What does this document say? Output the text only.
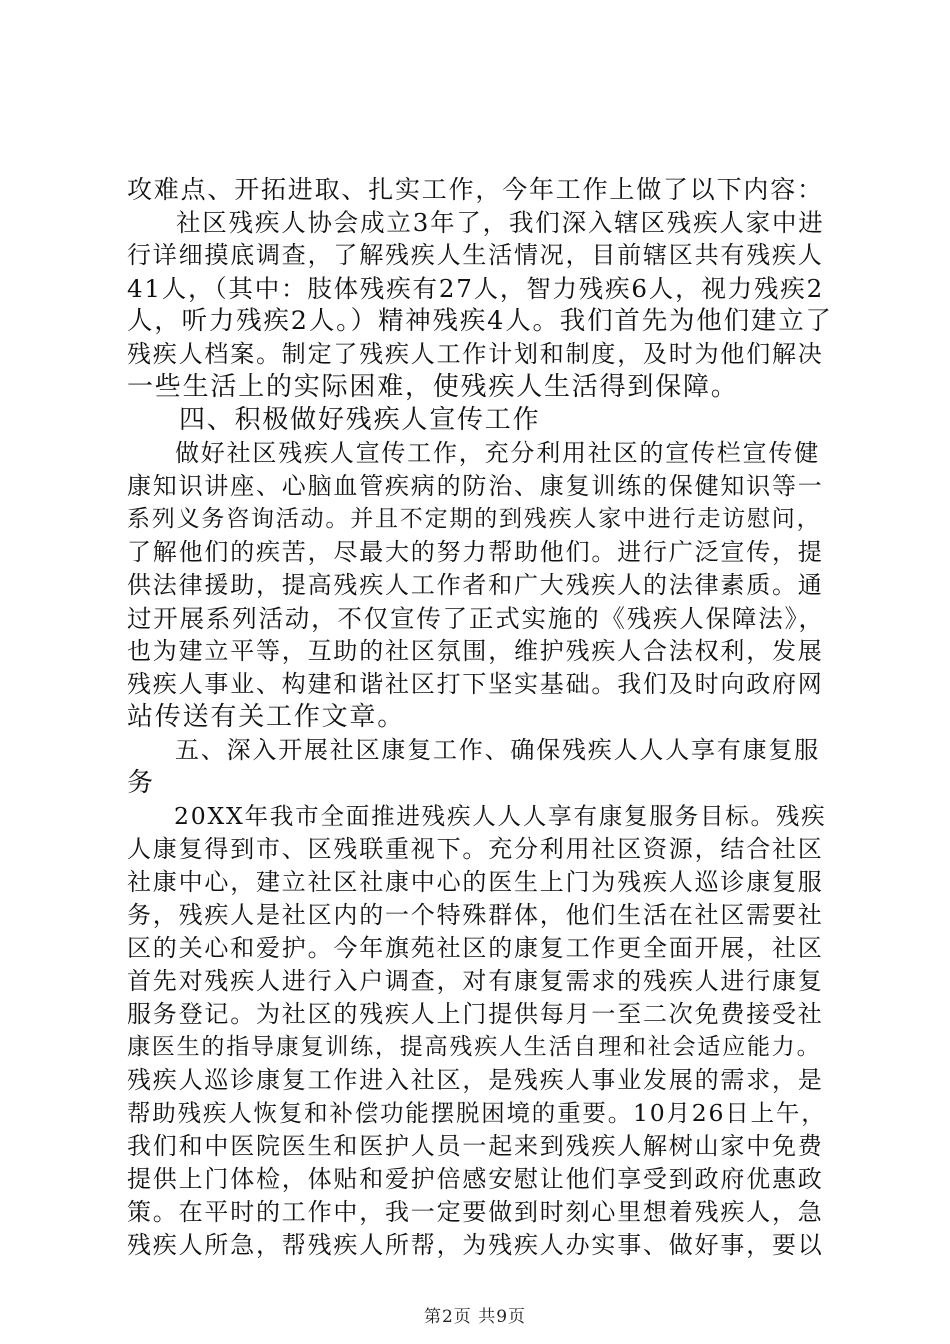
攻难点、开拓进取、扎实工作，今年工作上做了以下内容：

社区残疾人协会成立3年了，我们深入辖区残疾人家中进

行详细摸底调查，了解残疾人生活情况，目前辖区共有残疾人

41人，（其中：肢体残疾有27人，智力残疾6人，视力残疾2

人，听力残疾2人。）精神残疾4人。我们首先为他们建立了

残疾人档案。制定了残疾人工作计划和制度，及时为他们解决

一些生活上的实际困难，使残疾人生活得到保障。

四、积极做好残疾人宣传工作

做好社区残疾人宣传工作，充分利用社区的宣传栏宣传健

康知识讲座、心脑血管疾病的防治、康复训练的保健知识等一

系列义务咨询活动。并且不定期的到残疾人家中进行走访慰问，

了解他们的疾苦，尽最大的努力帮助他们。进行广泛宣传，提

供法律援助，提高残疾人工作者和广大残疾人的法律素质。通

过开展系列活动，不仅宣传了正式实施的《残疾人保障法》，

也为建立平等，互助的社区氛围，维护残疾人合法权利，发展

残疾人事业、构建和谐社区打下坚实基础。我们及时向政府网

站传送有关工作文章。

五、深入开展社区康复工作、确保残疾人人人享有康复服

务

20XX年我市全面推进残疾人人人享有康复服务目标。残疾

人康复得到市、区残联重视下。充分利用社区资源，结合社区

社康中心，建立社区社康中心的医生上门为残疾人巡诊康复服

务，残疾人是社区内的一个特殊群体，他们生活在社区需要社

区的关心和爱护。今年旗苑社区的康复工作更全面开展，社区

首先对残疾人进行入户调查，对有康复需求的残疾人进行康复

服务登记。为社区的残疾人上门提供每月一至二次免费接受社

康医生的指导康复训练，提高残疾人生活自理和社会适应能力。

残疾人巡诊康复工作进入社区，是残疾人事业发展的需求，是

帮助残疾人恢复和补偿功能摆脱困境的重要。10月26日上午，

我们和中医院医生和医护人员一起来到残疾人解树山家中免费

提供上门体检，体贴和爱护倍感安慰让他们享受到政府优惠政

策。在平时的工作中，我一定要做到时刻心里想着残疾人，急

残疾人所急，帮残疾人所帮，为残疾人办实事、做好事，要以

第2页 共9页
